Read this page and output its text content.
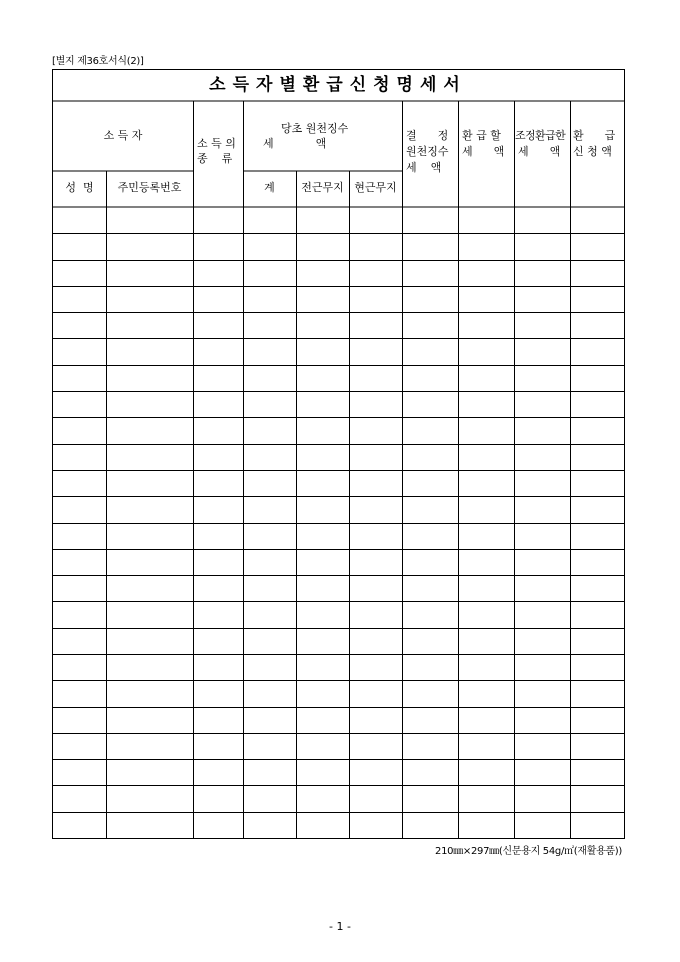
[별지 제36호서식(2)]
소득자별환급신청명세서
소 득 자
성  명	주민등록번호
소 득 의
종    류
당초 원천징수
세            액
계	전근무지 현근무지
결      정
원천징수
세    액
환 급 할
세      액
조정환급한
세      액
환      급
신 청 액
210㎜×297㎜(신문용지 54g/㎡(재활용품))
- 1 -
